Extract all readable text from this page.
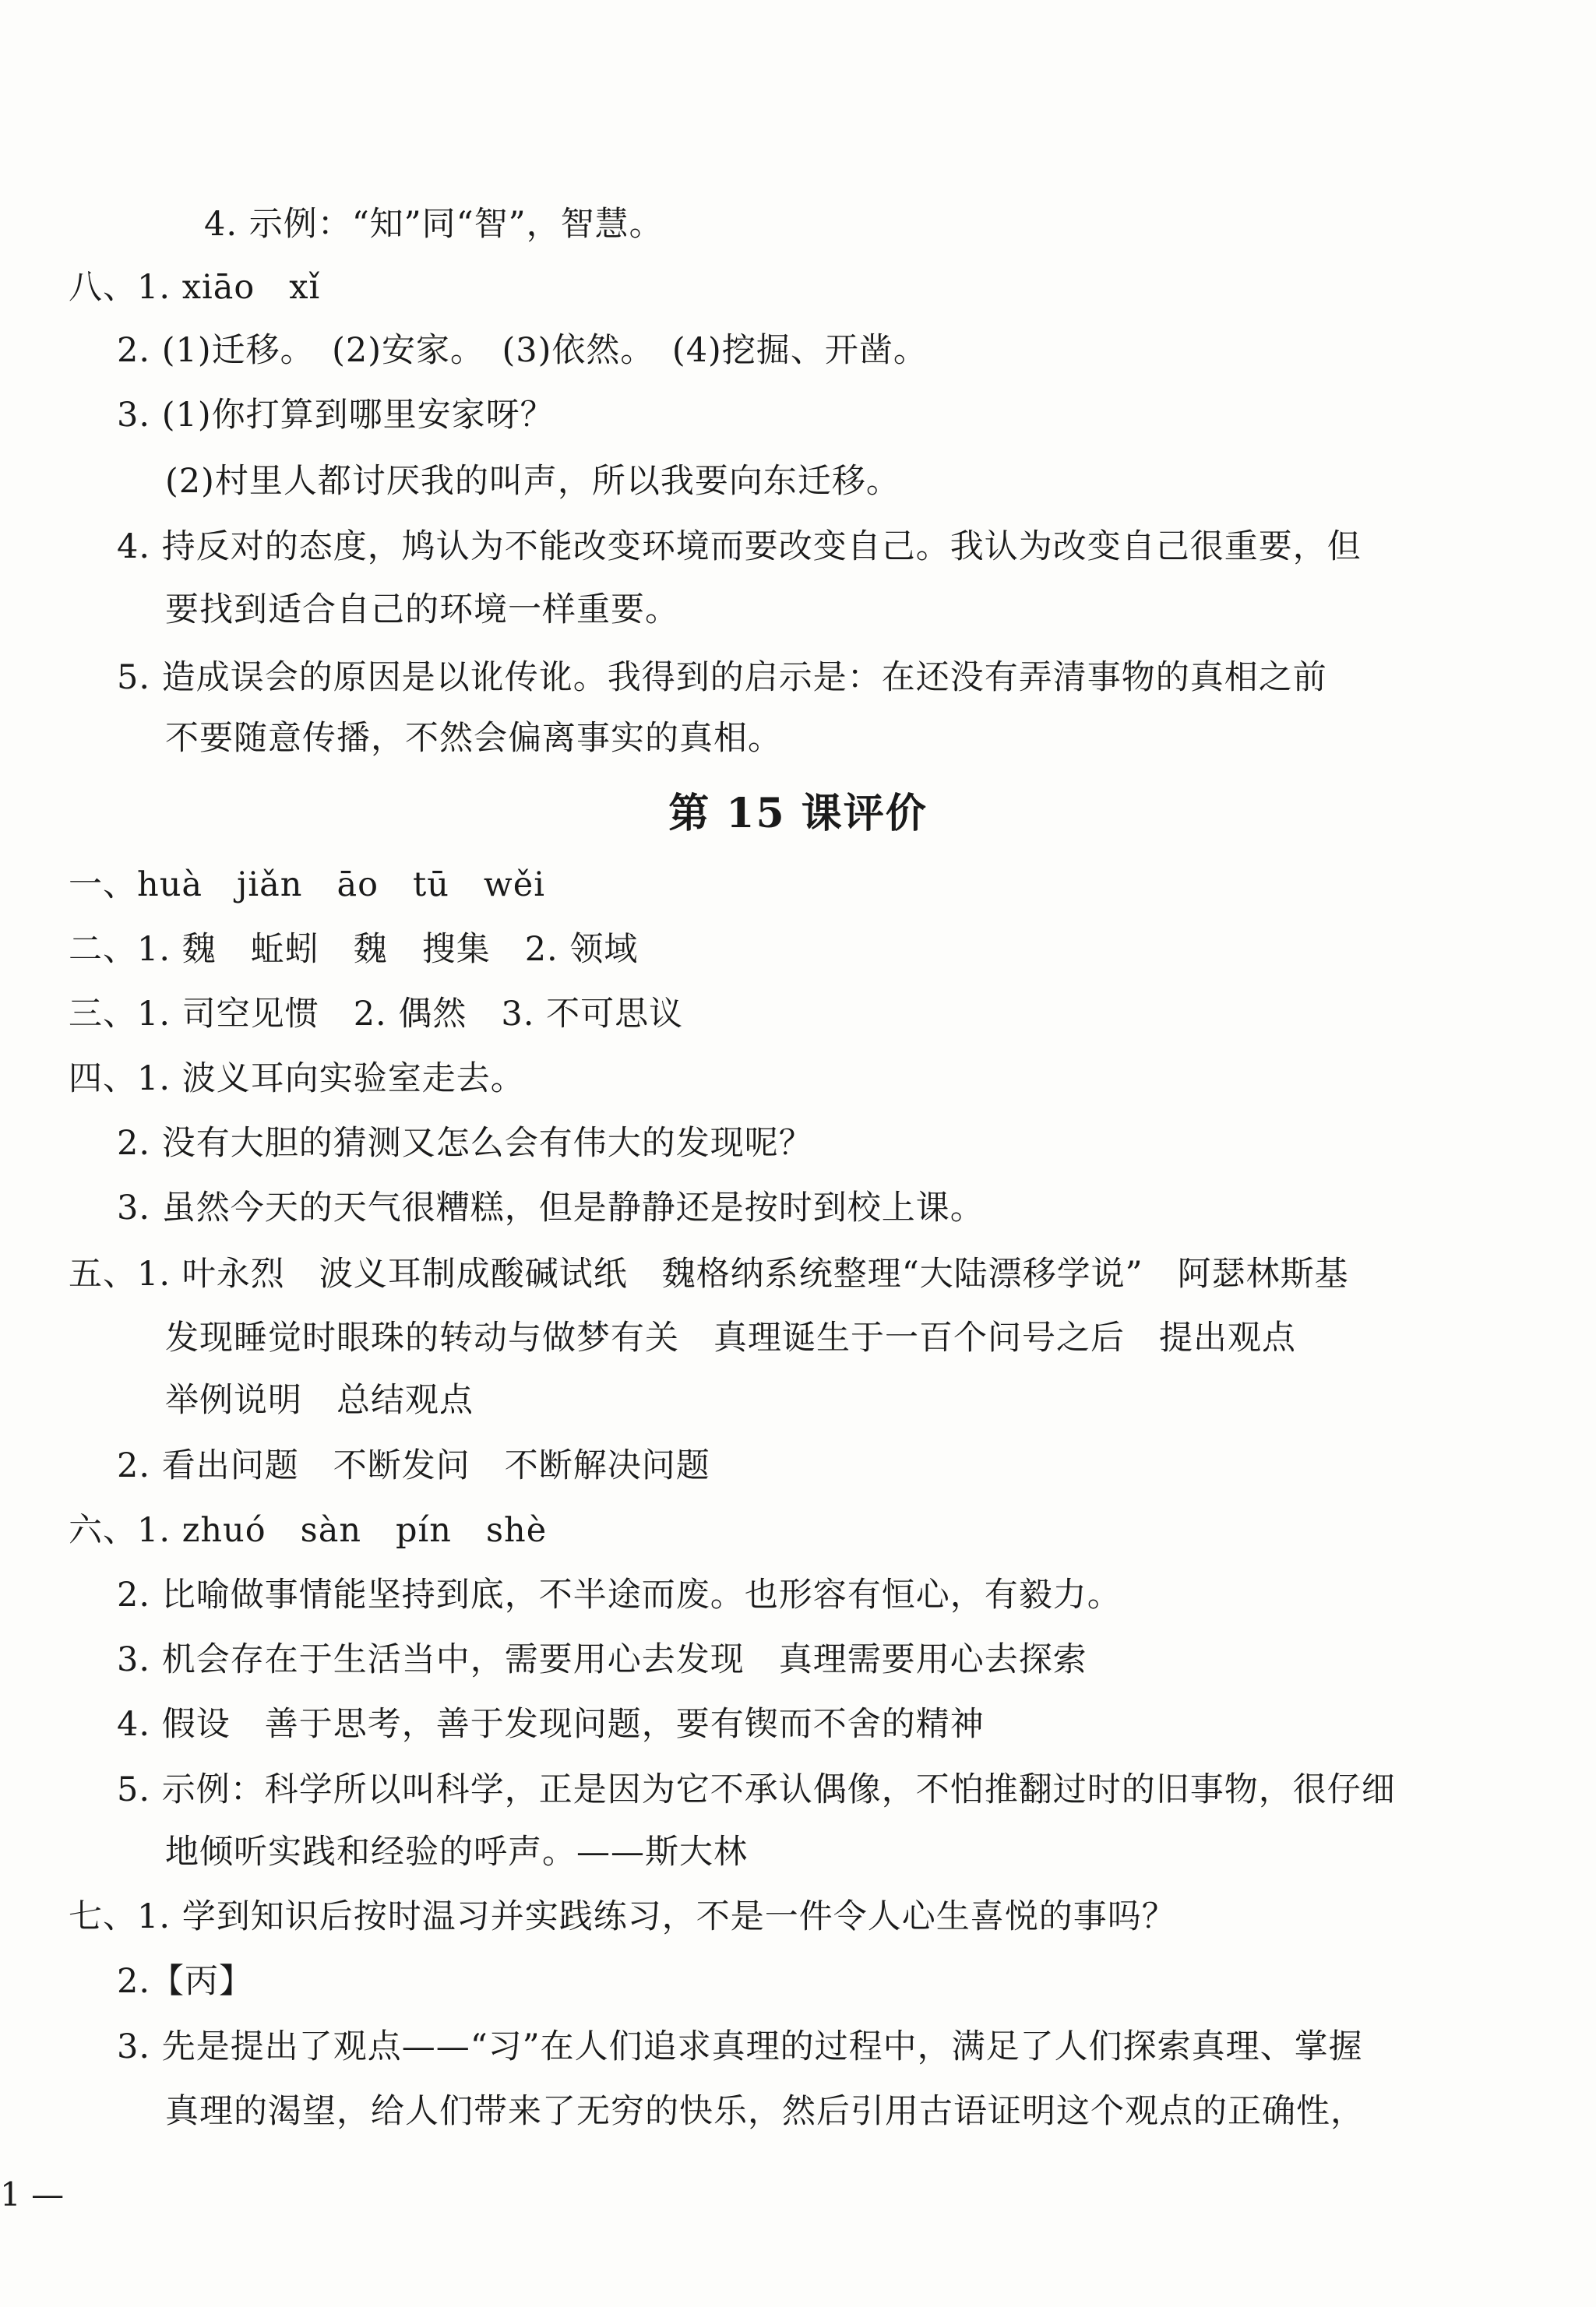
4. 示例：“知”同“智”，智慧。
八、1. xiāo　xǐ
2. (1)迁移。　(2)安家。　(3)依然。　(4)挖掘、开凿。
3. (1)你打算到哪里安家呀？
(2)村里人都讨厌我的叫声，所以我要向东迁移。
4. 持反对的态度，鸠认为不能改变环境而要改变自己。我认为改变自己很重要，但
要找到适合自己的环境一样重要。
5. 造成误会的原因是以讹传讹。我得到的启示是：在还没有弄清事物的真相之前
不要随意传播，不然会偏离事实的真相。
第 15 课评价
一、huà　jiǎn　āo　tū　wěi
二、1. 魏　蚯蚓　魏　搜集　2. 领域
三、1. 司空见惯　2. 偶然　3. 不可思议
四、1. 波义耳向实验室走去。
2. 没有大胆的猜测又怎么会有伟大的发现呢？
3. 虽然今天的天气很糟糕，但是静静还是按时到校上课。
五、1. 叶永烈　波义耳制成酸碱试纸　魏格纳系统整理“大陆漂移学说”　阿瑟林斯基
发现睡觉时眼珠的转动与做梦有关　真理诞生于一百个问号之后　提出观点
举例说明　总结观点
2. 看出问题　不断发问　不断解决问题
六、1. zhuó　sàn　pín　shè
2. 比喻做事情能坚持到底，不半途而废。也形容有恒心，有毅力。
3. 机会存在于生活当中，需要用心去发现　真理需要用心去探索
4. 假设　善于思考，善于发现问题，要有锲而不舍的精神
5. 示例：科学所以叫科学，正是因为它不承认偶像，不怕推翻过时的旧事物，很仔细
地倾听实践和经验的呼声。——斯大林
七、1. 学到知识后按时温习并实践练习，不是一件令人心生喜悦的事吗？
2.【丙】
3. 先是提出了观点——“习”在人们追求真理的过程中，满足了人们探索真理、掌握
真理的渴望，给人们带来了无穷的快乐，然后引用古语证明这个观点的正确性，
1 —
